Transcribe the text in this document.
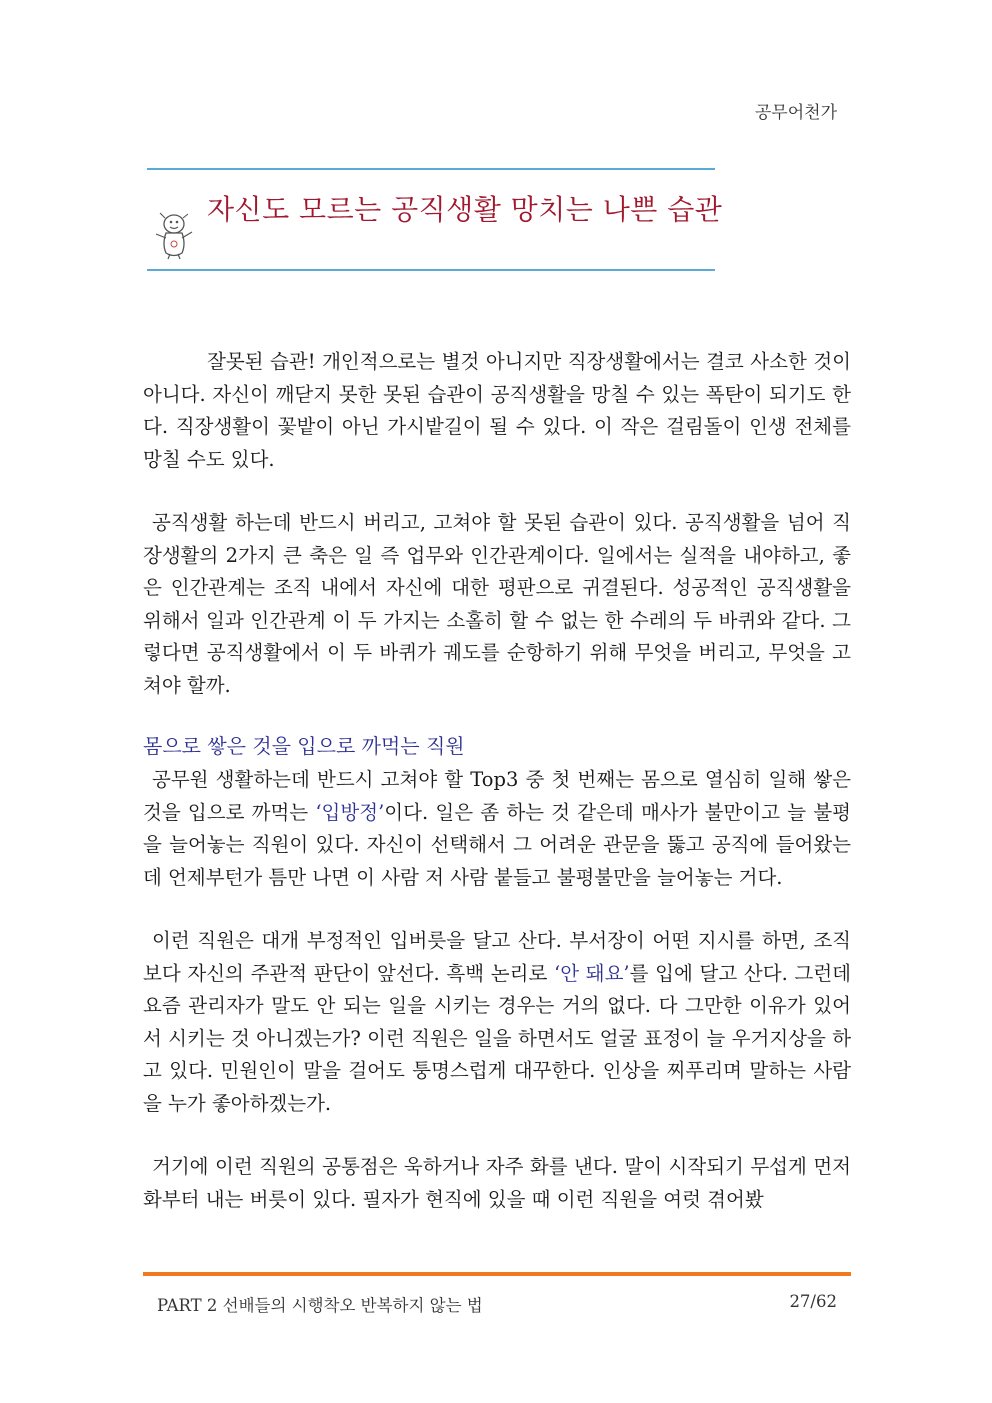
공무어천가
자신도 모르는 공직생활 망치는 나쁜 습관

잘못된 습관! 개인적으로는 별것 아니지만 직장생활에서는 결코 사소한 것이 아니다. 자신이 깨닫지 못한 못된 습관이 공직생활을 망칠 수 있는 폭탄이 되기도 한다. 직장생활이 꽃밭이 아닌 가시밭길이 될 수 있다. 이 작은 걸림돌이 인생 전체를 망칠 수도 있다.

공직생활 하는데 반드시 버리고, 고쳐야 할 못된 습관이 있다. 공직생활을 넘어 직장생활의 2가지 큰 축은 일 즉 업무와 인간관계이다. 일에서는 실적을 내야하고, 좋은 인간관계는 조직 내에서 자신에 대한 평판으로 귀결된다. 성공적인 공직생활을 위해서 일과 인간관계 이 두 가지는 소홀히 할 수 없는 한 수레의 두 바퀴와 같다. 그렇다면 공직생활에서 이 두 바퀴가 궤도를 순항하기 위해 무엇을 버리고, 무엇을 고쳐야 할까.

몸으로 쌓은 것을 입으로 까먹는 직원

공무원 생활하는데 반드시 고쳐야 할 Top3 중 첫 번째는 몸으로 열심히 일해 쌓은 것을 입으로 까먹는 ‘입방정’이다. 일은 좀 하는 것 같은데 매사가 불만이고 늘 불평을 늘어놓는 직원이 있다. 자신이 선택해서 그 어려운 관문을 뚫고 공직에 들어왔는데 언제부턴가 틈만 나면 이 사람 저 사람 붙들고 불평불만을 늘어놓는 거다.

이런 직원은 대개 부정적인 입버릇을 달고 산다. 부서장이 어떤 지시를 하면, 조직보다 자신의 주관적 판단이 앞선다. 흑백 논리로 ‘안 돼요’를 입에 달고 산다. 그런데 요즘 관리자가 말도 안 되는 일을 시키는 경우는 거의 없다. 다 그만한 이유가 있어서 시키는 것 아니겠는가? 이런 직원은 일을 하면서도 얼굴 표정이 늘 우거지상을 하고 있다. 민원인이 말을 걸어도 퉁명스럽게 대꾸한다. 인상을 찌푸리며 말하는 사람을 누가 좋아하겠는가.

거기에 이런 직원의 공통점은 욱하거나 자주 화를 낸다. 말이 시작되기 무섭게 먼저 화부터 내는 버릇이 있다. 필자가 현직에 있을 때 이런 직원을 여럿 겪어봤

PART 2 선배들의 시행착오 반복하지 않는 법	27/62
